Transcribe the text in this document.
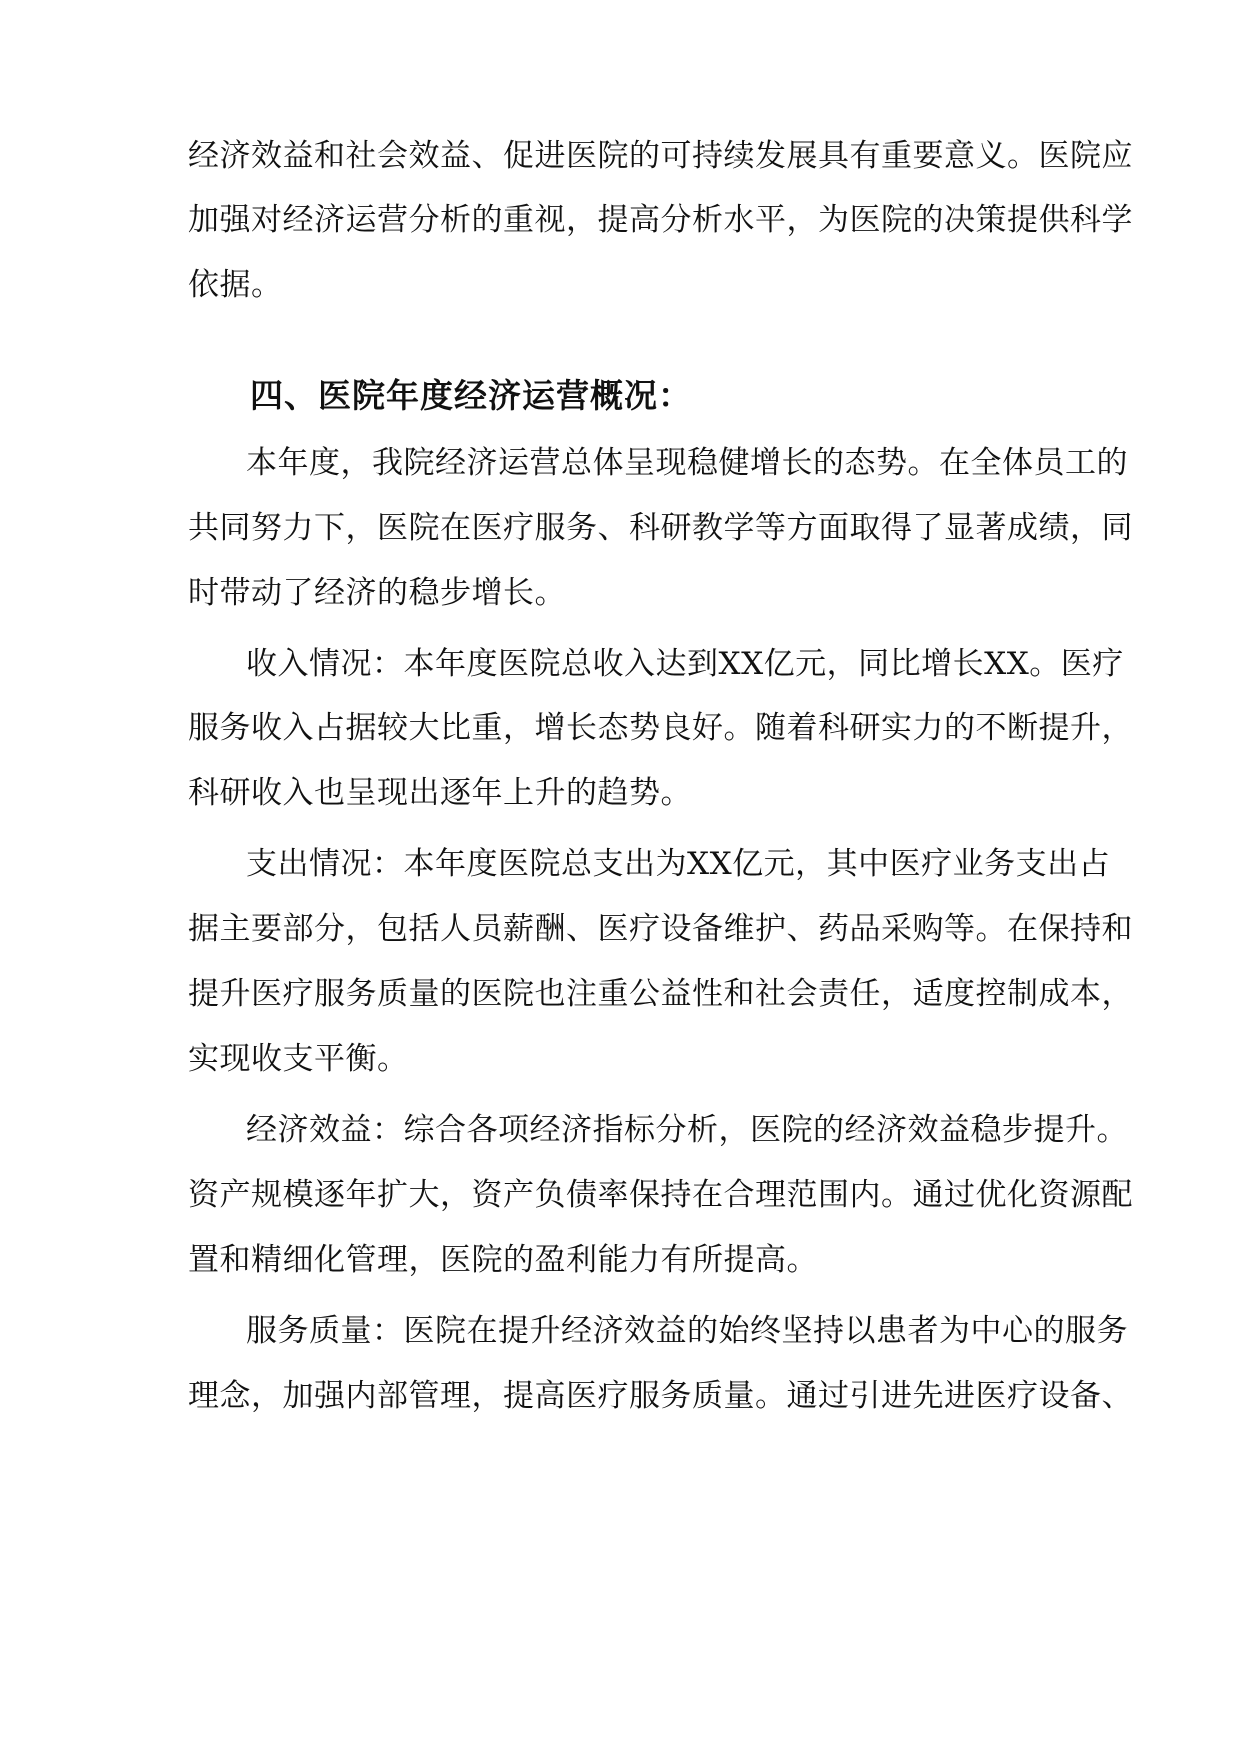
经济效益和社会效益、促进医院的可持续发展具有重要意义。医院应
加强对经济运营分析的重视，提高分析水平，为医院的决策提供科学
依据。
四、医院年度经济运营概况：
本年度，我院经济运营总体呈现稳健增长的态势。在全体员工的
共同努力下，医院在医疗服务、科研教学等方面取得了显著成绩，同
时带动了经济的稳步增长。
收入情况：本年度医院总收入达到XX亿元，同比增长XX。医疗
服务收入占据较大比重，增长态势良好。随着科研实力的不断提升，
科研收入也呈现出逐年上升的趋势。
支出情况：本年度医院总支出为XX亿元，其中医疗业务支出占
据主要部分，包括人员薪酬、医疗设备维护、药品采购等。在保持和
提升医疗服务质量的医院也注重公益性和社会责任，适度控制成本，
实现收支平衡。
经济效益：综合各项经济指标分析，医院的经济效益稳步提升。
资产规模逐年扩大，资产负债率保持在合理范围内。通过优化资源配
置和精细化管理，医院的盈利能力有所提高。
服务质量：医院在提升经济效益的始终坚持以患者为中心的服务
理念，加强内部管理，提高医疗服务质量。通过引进先进医疗设备、
